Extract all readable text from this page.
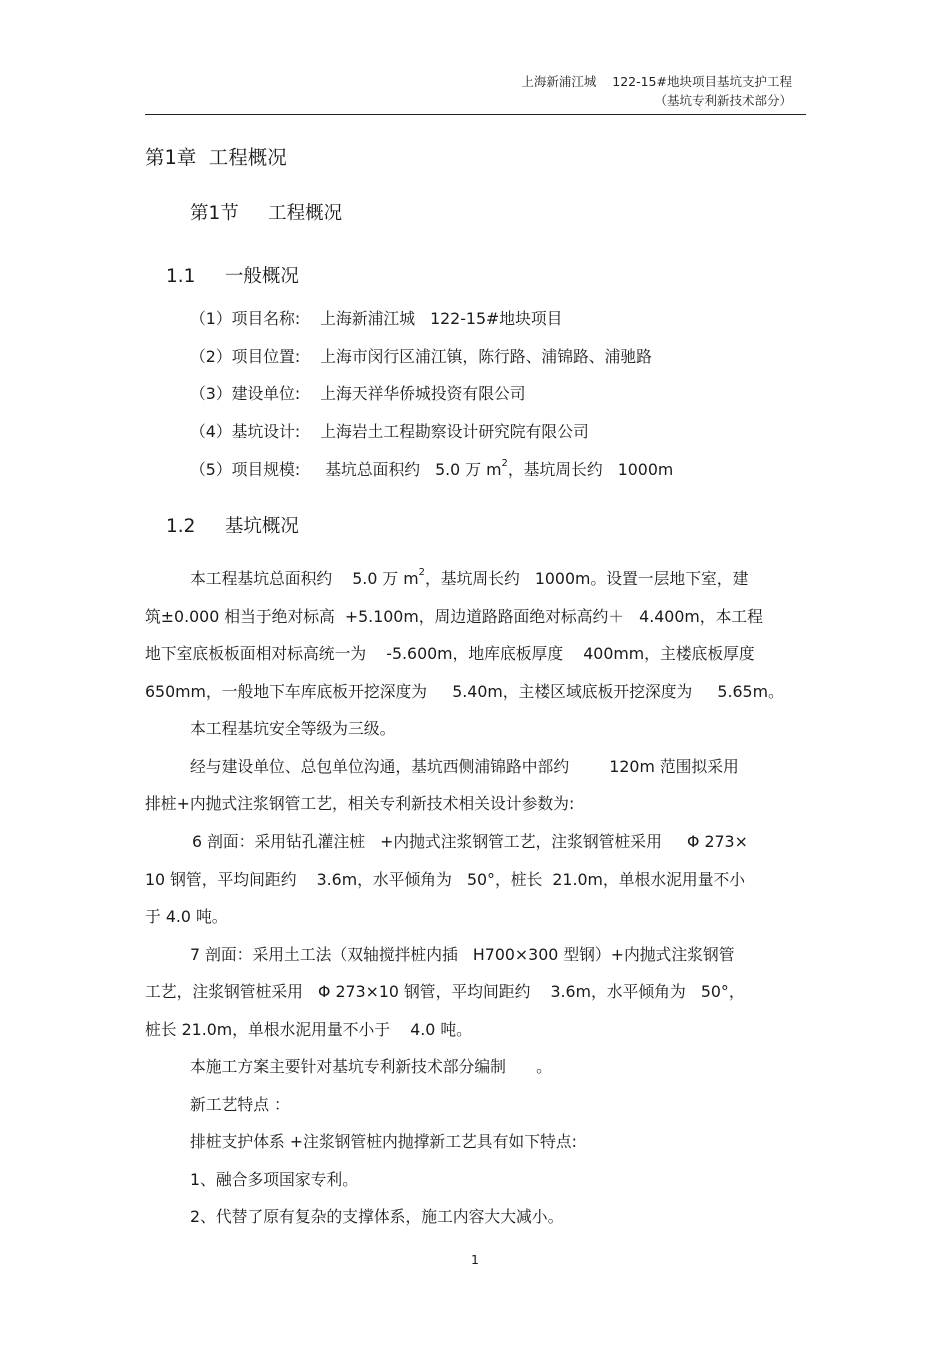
上海新浦江城    122-15#地块项目基坑支护工程
（基坑专利新技术部分）
第1章  工程概况
第1节     工程概况
1.1     一般概况
（1）项目名称:    上海新浦江城   122-15#地块项目
（2）项目位置:    上海市闵行区浦江镇，陈行路、浦锦路、浦驰路
（3）建设单位:    上海天祥华侨城投资有限公司
（4）基坑设计:    上海岩土工程勘察设计研究院有限公司
（5）项目规模:     基坑总面积约   5.0 万 $m^2$，基坑周长约   1000m
1.2     基坑概况
本工程基坑总面积约    5.0 万 $m^2$，基坑周长约   1000m。设置一层地下室，建
筑±0.000 相当于绝对标高  +5.100m，周边道路路面绝对标高约＋   4.400m，本工程
地下室底板板面相对标高统一为    -5.600m，地库底板厚度    400mm，主楼底板厚度
650mm，一般地下车库底板开挖深度为     5.40m，主楼区域底板开挖深度为     5.65m。
本工程基坑安全等级为三级。
经与建设单位、总包单位沟通，基坑西侧浦锦路中部约        120m 范围拟采用
排桩+内抛式注浆钢管工艺，相关专利新技术相关设计参数为:
6 剖面：采用钻孔灌注桩   +内抛式注浆钢管工艺，注浆钢管桩采用     Φ 273×
10 钢管，平均间距约    3.6m，水平倾角为   50°，桩长  21.0m，单根水泥用量不小
于 4.0 吨。
7 剖面：采用土工法（双轴搅拌桩内插   H700×300 型钢）+内抛式注浆钢管
工艺，注浆钢管桩采用   Φ 273×10 钢管，平均间距约    3.6m，水平倾角为   50°，
桩长 21.0m，单根水泥用量不小于    4.0 吨。
本施工方案主要针对基坑专利新技术部分编制      。
新工艺特点 ：
排桩支护体系 +注浆钢管桩内抛撑新工艺具有如下特点:
1、融合多项国家专利。
2、代替了原有复杂的支撑体系，施工内容大大减小。
1
